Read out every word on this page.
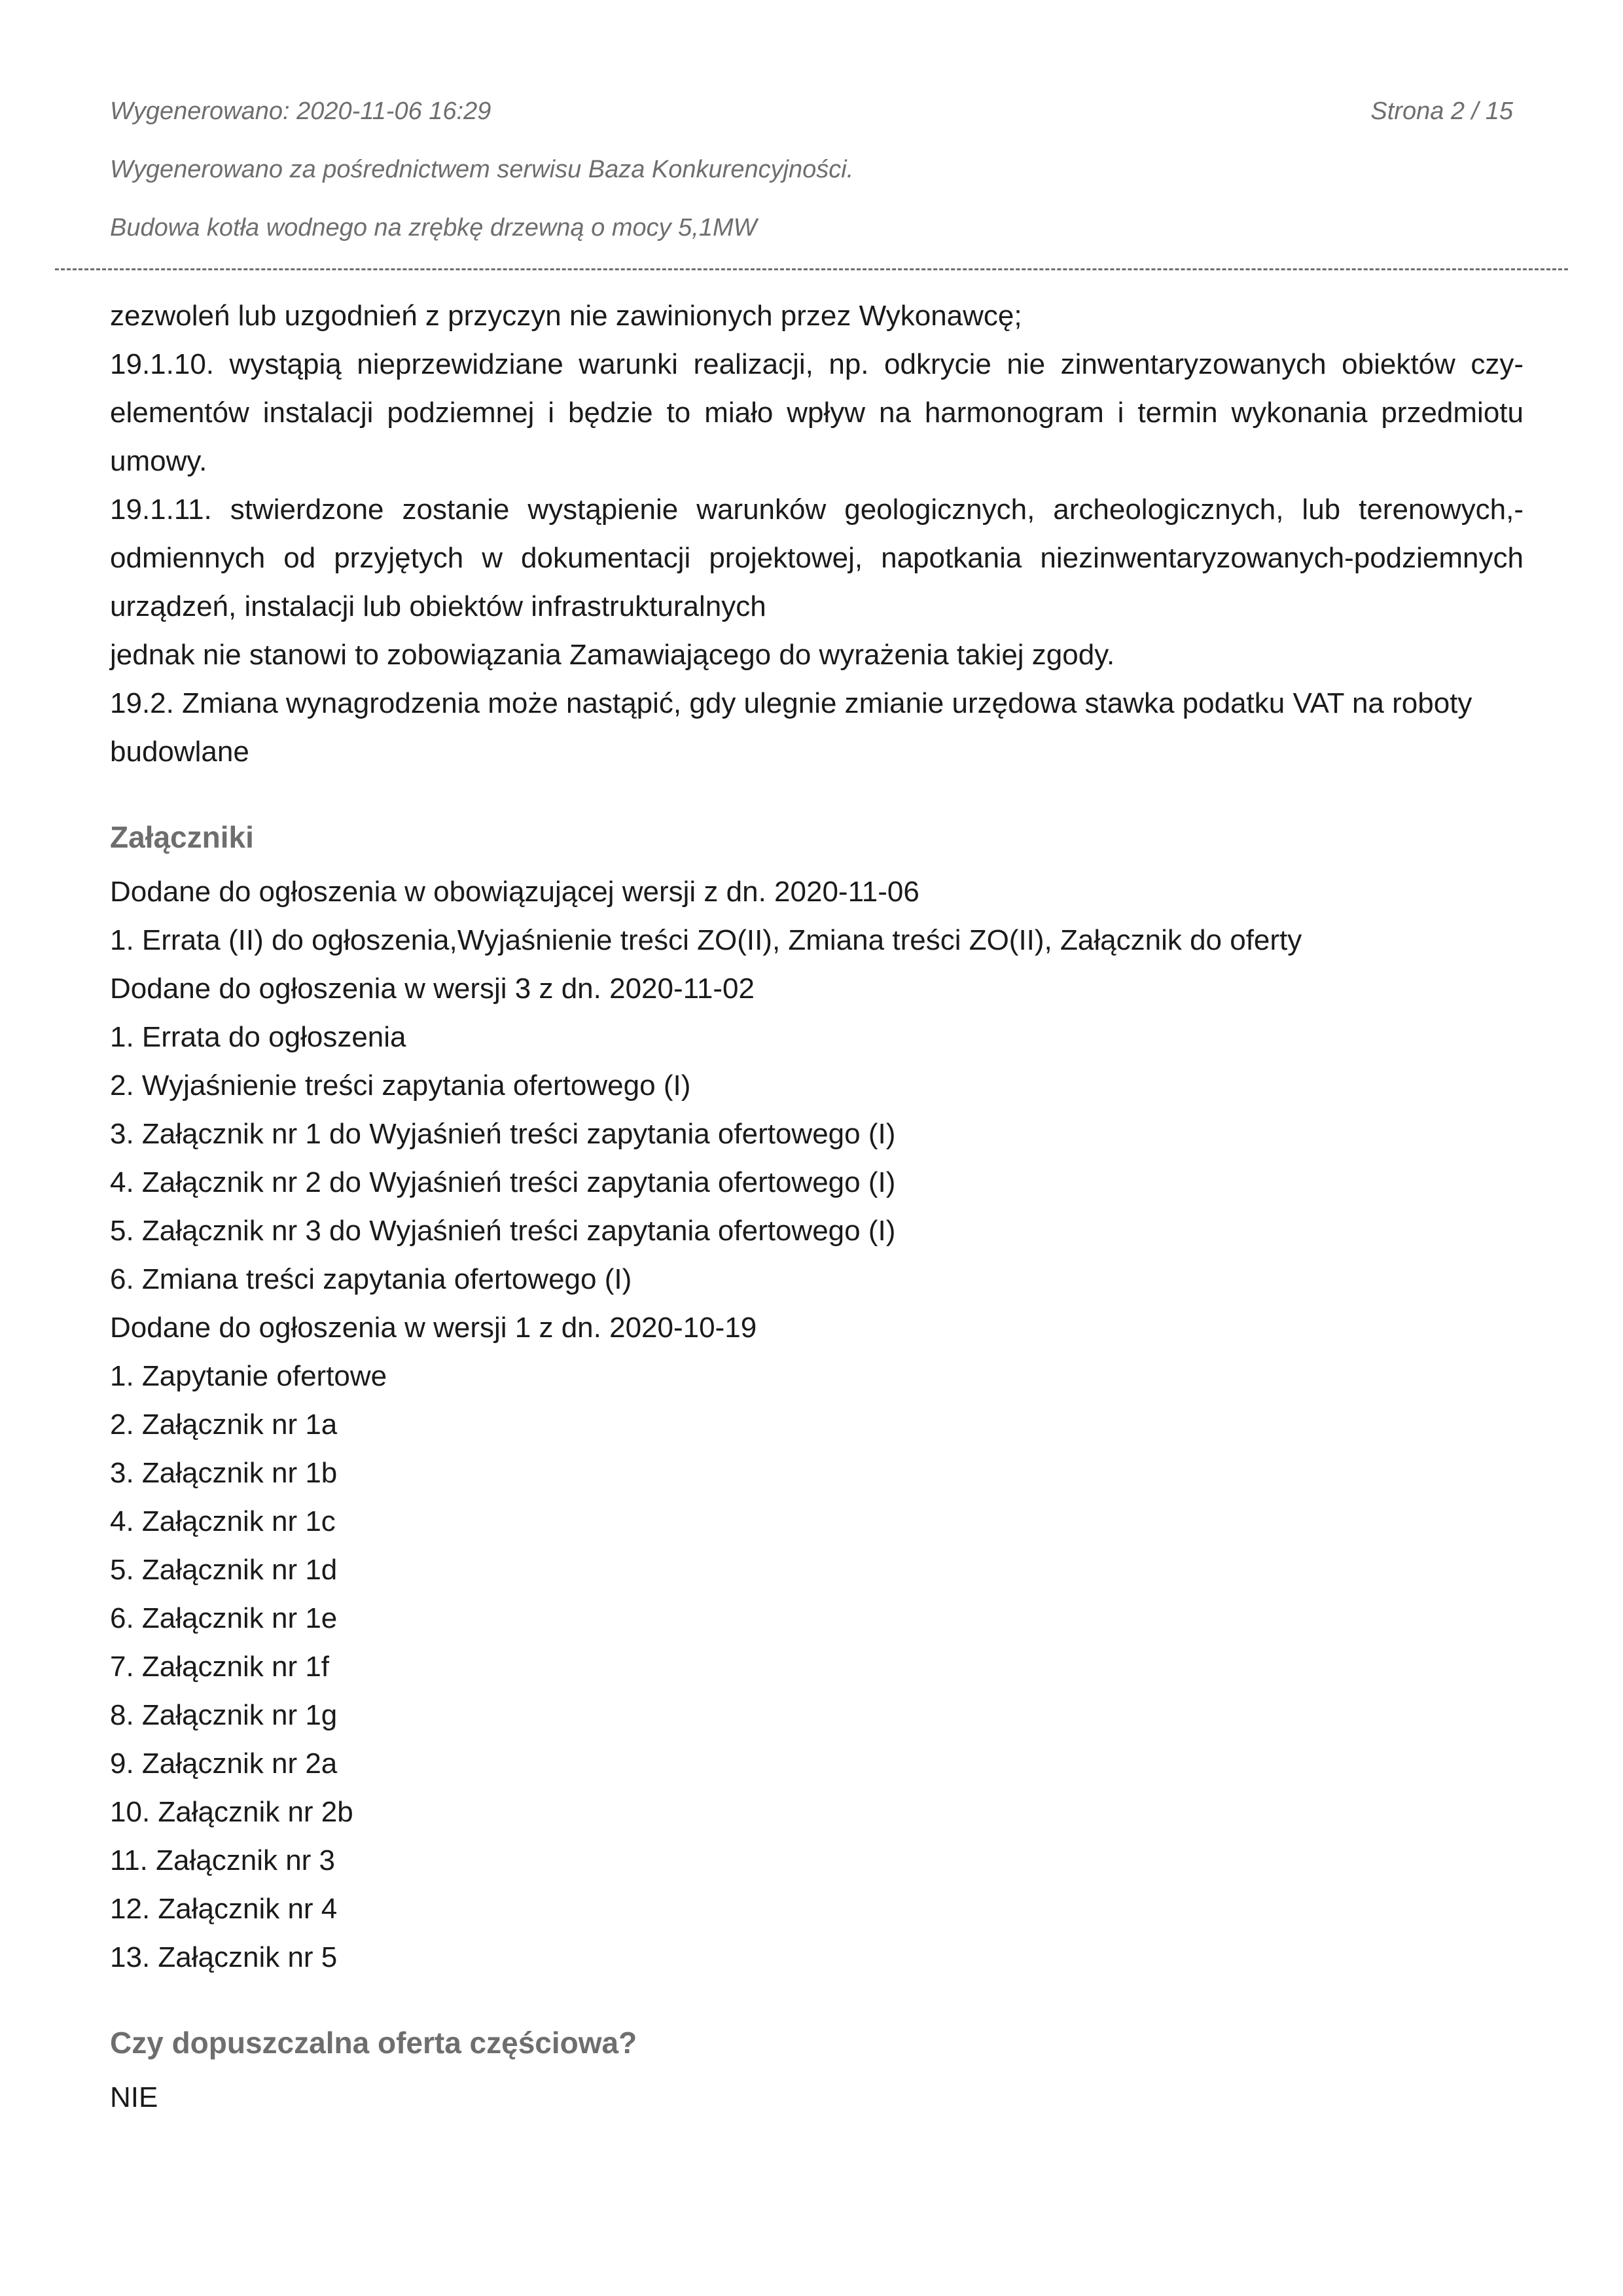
Wygenerowano: 2020-11-06 16:29	Strona 2 / 15
Wygenerowano za pośrednictwem serwisu Baza Konkurencyjności.
Budowa kotła wodnego na zrębkę drzewną o mocy 5,1MW

zezwoleń lub uzgodnień z przyczyn nie zawinionych przez Wykonawcę;

19.1.10. wystąpią nieprzewidziane warunki realizacji, np. odkrycie nie zinwentaryzowanych obiektów czy-elementów instalacji podziemnej i będzie to miało wpływ na harmonogram i termin wykonania przedmiotu umowy.

19.1.11. stwierdzone zostanie wystąpienie warunków geologicznych, archeologicznych, lub terenowych,-odmiennych od przyjętych w dokumentacji projektowej, napotkania niezinwentaryzowanych-podziemnych urządzeń, instalacji lub obiektów infrastrukturalnych

jednak nie stanowi to zobowiązania Zamawiającego do wyrażenia takiej zgody.

19.2. Zmiana wynagrodzenia może nastąpić, gdy ulegnie zmianie urzędowa stawka podatku VAT na roboty budowlane

Załączniki

Dodane do ogłoszenia w obowiązującej wersji z dn. 2020-11-06

1. Errata (II) do ogłoszenia,Wyjaśnienie treści ZO(II), Zmiana treści ZO(II), Załącznik do oferty

Dodane do ogłoszenia w wersji 3 z dn. 2020-11-02

1. Errata do ogłoszenia

2. Wyjaśnienie treści zapytania ofertowego (I)

3. Załącznik nr 1 do Wyjaśnień treści zapytania ofertowego (I)

4. Załącznik nr 2 do Wyjaśnień treści zapytania ofertowego (I)

5. Załącznik nr 3 do Wyjaśnień treści zapytania ofertowego (I)

6. Zmiana treści zapytania ofertowego (I)

Dodane do ogłoszenia w wersji 1 z dn. 2020-10-19

1. Zapytanie ofertowe

2. Załącznik nr 1a

3. Załącznik nr 1b

4. Załącznik nr 1c

5. Załącznik nr 1d

6. Załącznik nr 1e

7. Załącznik nr 1f

8. Załącznik nr 1g

9. Załącznik nr 2a

10. Załącznik nr 2b

11. Załącznik nr 3

12. Załącznik nr 4

13. Załącznik nr 5

Czy dopuszczalna oferta częściowa?

NIE
